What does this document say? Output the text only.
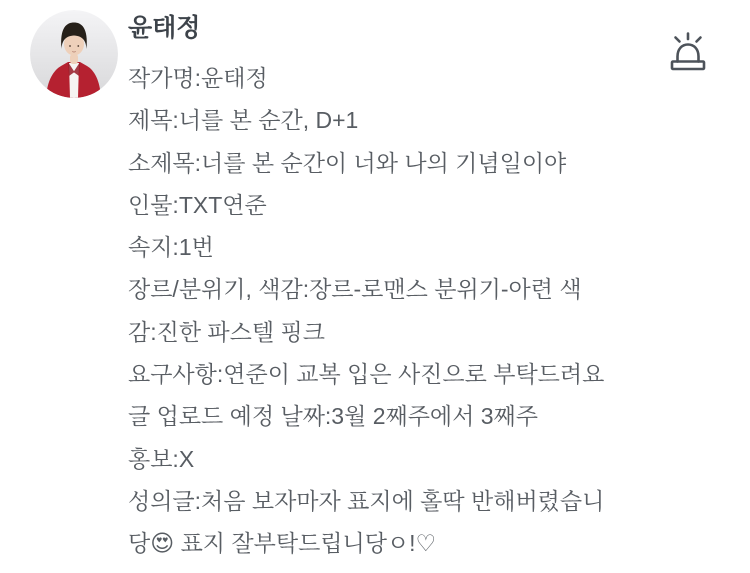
윤태정
작가명:윤태정
제목:너를 본 순간, D+1
소제목:너를 본 순간이 너와 나의 기념일이야
인물:TXT연준
속지:1번
장르/분위기, 색감:장르-로맨스 분위기-아련 색
감:진한 파스텔 핑크
요구사항:연준이 교복 입은 사진으로 부탁드려요
글 업로드 예정 날짜:3월 2째주에서 3째주
홍보:X
성의글:처음 보자마자 표지에 홀딱 반해버렸습니
당😍 표지 잘부탁드립니당ㅇ!♡
